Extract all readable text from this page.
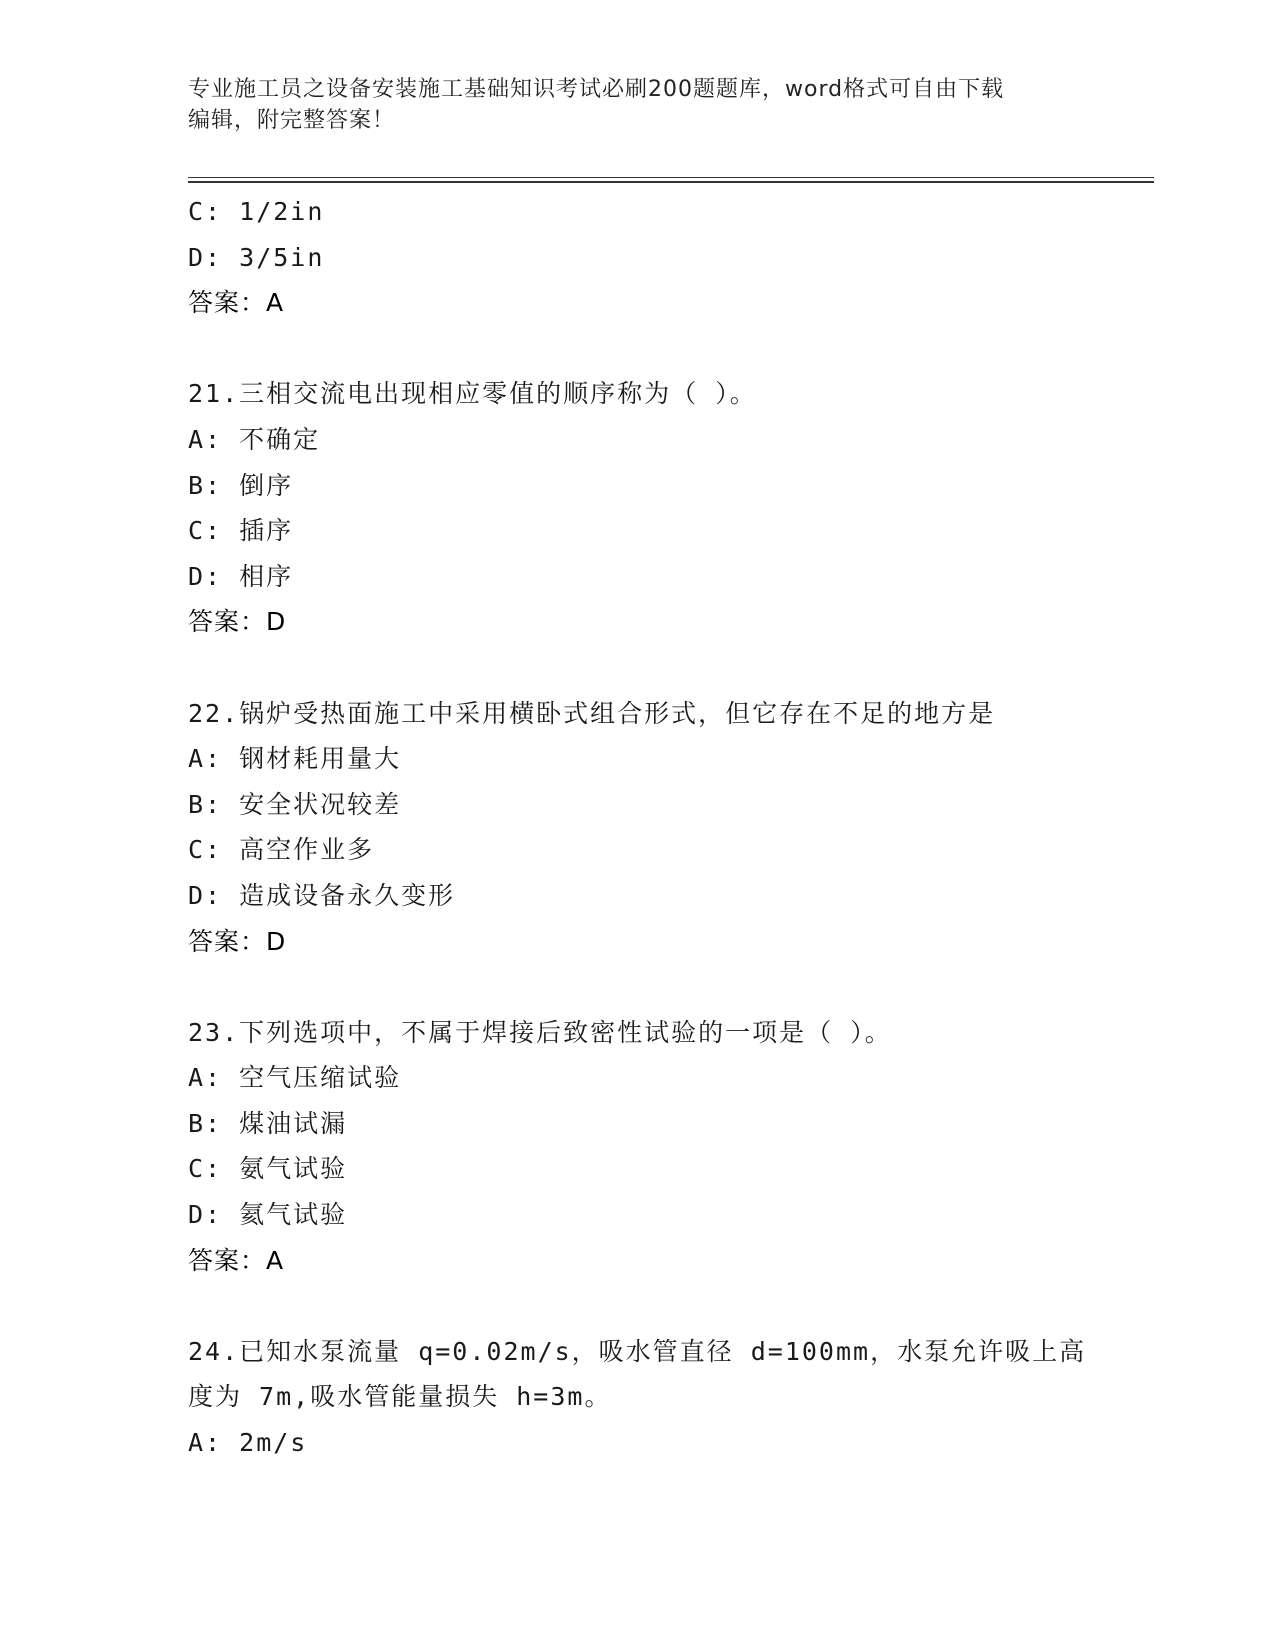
专业施工员之设备安装施工基础知识考试必刷200题题库，word格式可自由下载

编辑，附完整答案！

C: 1/2in
D: 3/5in
答案：A
21.三相交流电出现相应零值的顺序称为（ ）。
A: 不确定
B: 倒序
C: 插序
D: 相序
答案：D
22.锅炉受热面施工中采用横卧式组合形式，但它存在不足的地方是
A: 钢材耗用量大
B: 安全状况较差
C: 高空作业多
D: 造成设备永久变形
答案：D
23.下列选项中，不属于焊接后致密性试验的一项是（ ）。
A: 空气压缩试验
B: 煤油试漏
C: 氨气试验
D: 氦气试验
答案：A
24.已知水泵流量 q=0.02m/s，吸水管直径 d=100mm，水泵允许吸上高
度为 7m,吸水管能量损失 h=3m。
A: 2m/s
